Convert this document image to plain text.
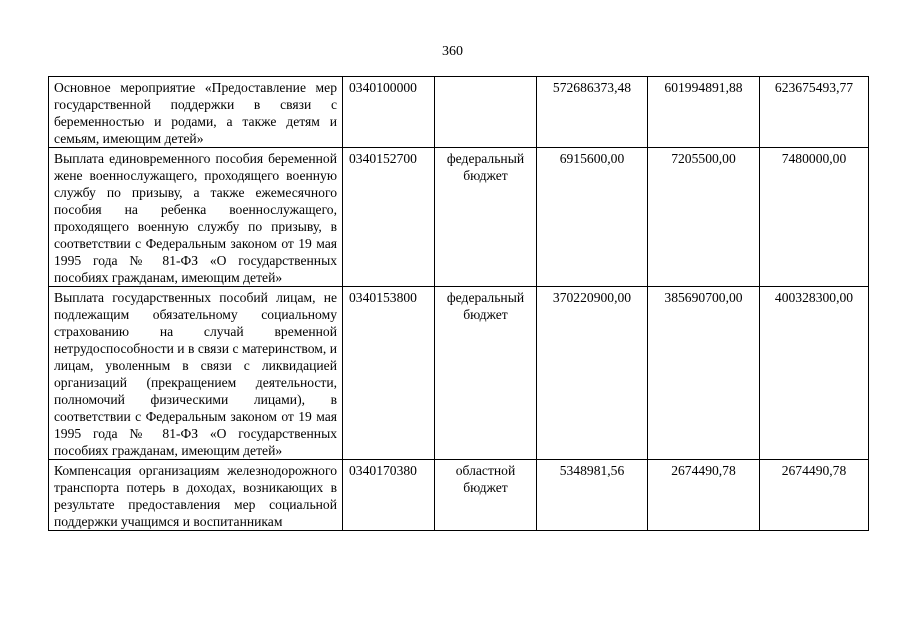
360
Основное мероприятие «Предоставление мер государственной поддержки в связи с беременностью и родами, а также детям и семьям, имеющим детей»	0340100000		572686373,48	601994891,88	623675493,77
Выплата единовременного пособия беременной жене военнослужащего, проходящего военную службу по призыву, а также ежемесячного пособия на ребенка военнослужащего, проходящего военную службу по призыву, в соответствии с Федеральным законом от 19 мая 1995 года № 81-ФЗ «О государственных пособиях гражданам, имеющим детей»	0340152700	федеральный бюджет	6915600,00	7205500,00	7480000,00
Выплата государственных пособий лицам, не подлежащим обязательному социальному страхованию на случай временной нетрудоспособности и в связи с материнством, и лицам, уволенным в связи с ликвидацией организаций (прекращением деятельности, полномочий физическими лицами), в соответствии с Федеральным законом от 19 мая 1995 года № 81-ФЗ «О государственных пособиях гражданам, имеющим детей»	0340153800	федеральный бюджет	370220900,00	385690700,00	400328300,00
Компенсация организациям железнодорожного транспорта потерь в доходах, возникающих в результате предоставления мер социальной поддержки учащимся и воспитанникам	0340170380	областной бюджет	5348981,56	2674490,78	2674490,78
